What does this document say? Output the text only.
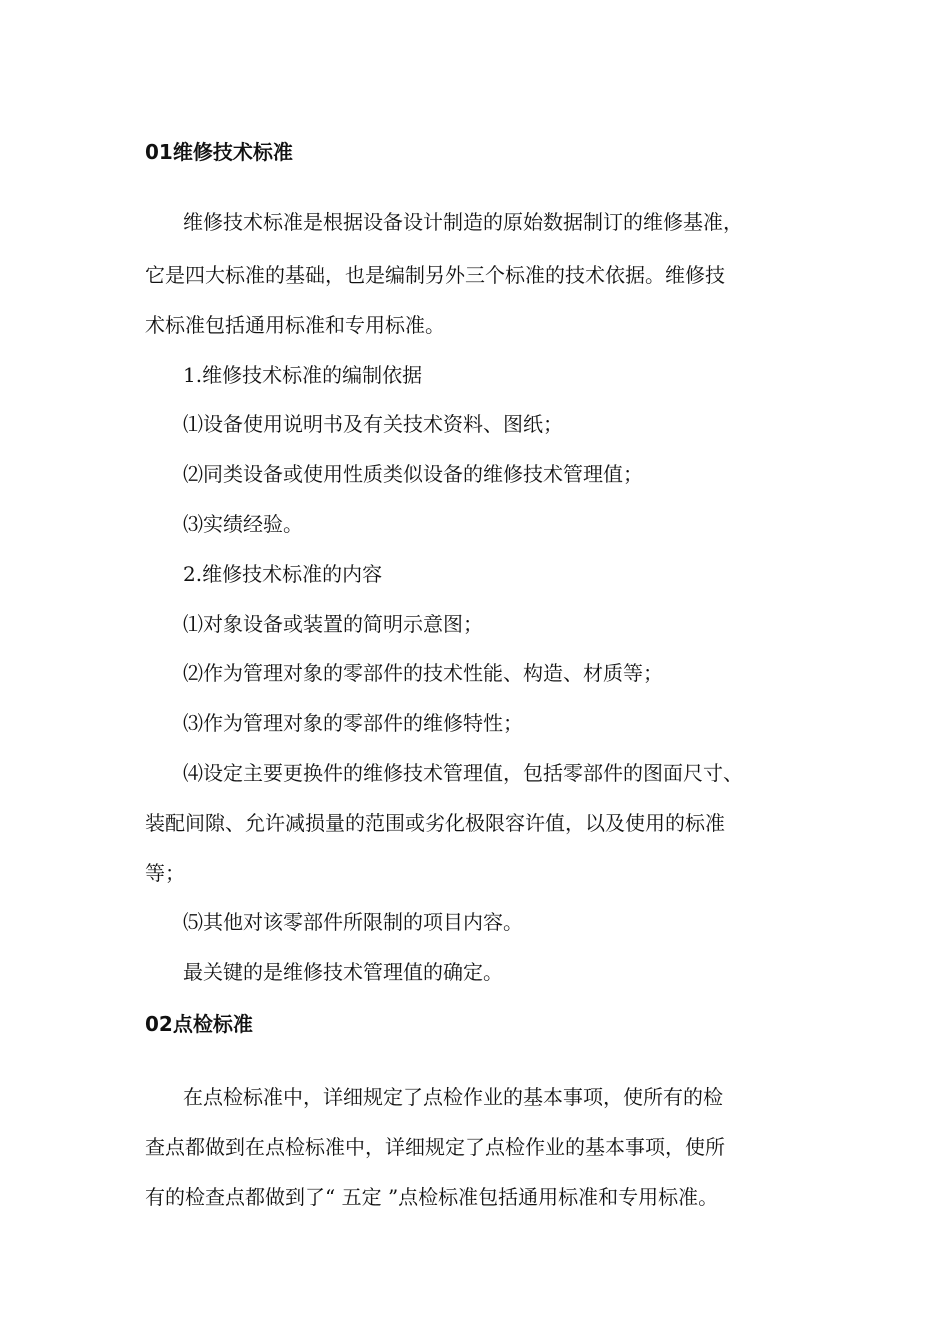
01维修技术标准
维修技术标准是根据设备设计制造的原始数据制订的维修基准，
它是四大标准的基础，也是编制另外三个标准的技术依据。维修技
术标准包括通用标准和专用标准。
1.维修技术标准的编制依据
⑴设备使用说明书及有关技术资料、图纸；
⑵同类设备或使用性质类似设备的维修技术管理值；
⑶实绩经验。
2.维修技术标准的内容
⑴对象设备或装置的简明示意图；
⑵作为管理对象的零部件的技术性能、构造、材质等；
⑶作为管理对象的零部件的维修特性；
⑷设定主要更换件的维修技术管理值，包括零部件的图面尺寸、
装配间隙、允许减损量的范围或劣化极限容许值，以及使用的标准
等；
⑸其他对该零部件所限制的项目内容。
最关键的是维修技术管理值的确定。
02点检标准
在点检标准中，详细规定了点检作业的基本事项，使所有的检
查点都做到在点检标准中，详细规定了点检作业的基本事项，使所
有的检查点都做到了“ 五定 ”点检标准包括通用标准和专用标准。
